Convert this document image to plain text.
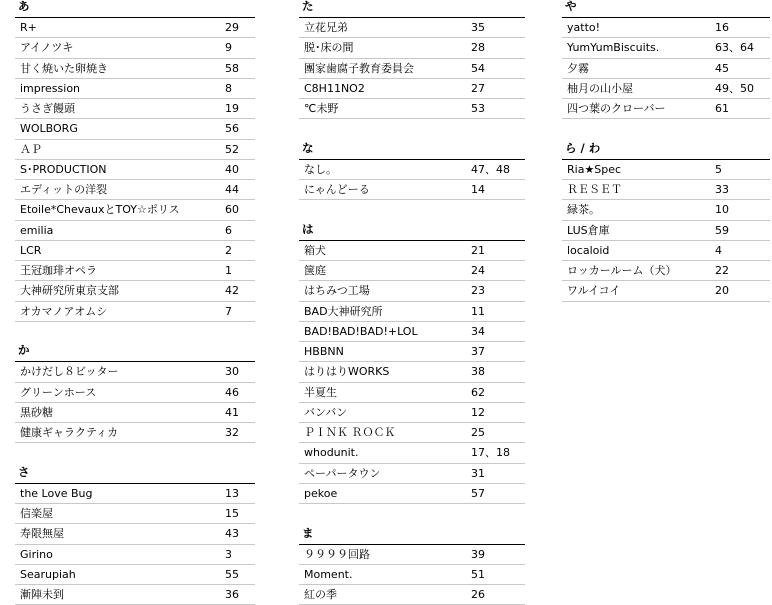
あ
R+	29
アイノツキ	9
甘く焼いた卵焼き	58
impression	8
うさぎ饅頭	19
WOLBORG	56
ＡＰ	52
S･PRODUCTION	40
エディットの洋裂	44
Etoile*ChevauxとTOY☆ポリス	60
emilia	6
LCR	2
王冠珈琲オペラ	1
大神研究所東京支部	42
オカマノアオムシ	7
か
かけだし８ビッター	30
グリーンホース	46
黒砂糖	41
健康ギャラクティカ	32
さ
the Love Bug	13
信楽屋	15
寿限無屋	43
Girino	3
Searupiah	55
漸陣未到	36
た
立花兄弟	35
脱･床の間	28
團家歯腐子教育委員会	54
C8H11NO2	27
℃未野	53
な
なし。	47、48
にゃんどーる	14
は
箱犬	21
箧庭	24
はちみつ工場	23
BAD大神研究所	11
BAD!BAD!BAD!+LOL	34
HBBNN	37
はりはりWORKS	38
半夏生	62
バンバン	12
ＰＩＮＫ ＲＯＣＫ	25
whodunit.	17、18
ペーパータウン	31
pekoe	57
ま
９９９９回路	39
Moment.	51
紅の季	26
や
yatto!	16
YumYumBiscuits.	63、64
夕霧	45
柚月の山小屋	49、50
四つ葉のクローバー	61
ら / わ
Ria★Spec	5
ＲＥＳＥＴ	33
緑茶。	10
LUS倉庫	59
localoid	4
ロッカールーム（犬）	22
ワルイコイ	20
